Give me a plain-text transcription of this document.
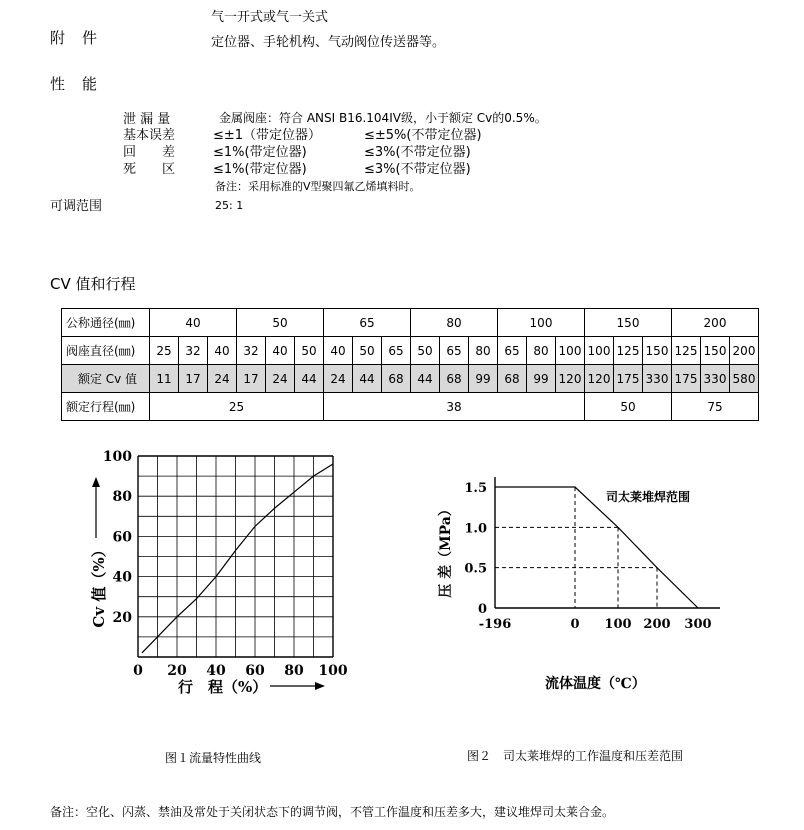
气一开式或气一关式
附　件	定位器、手轮机构、气动阀位传送器等。
性　能
泄 漏 量	金属阀座：符合 ANSI B16.104IV级，小于额定 Cv的0.5%。
基本误差	≤±1（带定位器）	≤±5%(不带定位器)
回　　差	≤1%(带定位器)	≤3%(不带定位器)
死　　区	≤1%(带定位器)	≤3%(不带定位器)
备注：采用标准的V型聚四氟乙烯填料时。
可调范围	25: 1
CV 值和行程
公称通径(㎜)	40			50			65			80			100			150			200		
阀座直径(㎜)	25	32	40	32	40	50	40	50	65	50	65	80	65	80	100	100	125	150	125	150	200
额定 Cv 值	11	17	24	17	24	44	24	44	68	44	68	99	68	99	120	120	175	330	175	330	580
额定行程(㎜)	25						38									50			75		
0 20 40 60 80 100
20
40
60
80
100
Cv 值（%）
行　程（%）
-196	0 100 200 300
0
0.5
1.0
1.5
司太莱堆焊范围
压 差（MPa）
流体温度（℃）
图１流量特性曲线	图２　司太莱堆焊的工作温度和压差范围
备注：空化、闪蒸、禁油及常处于关闭状态下的调节阀，不管工作温度和压差多大，建议堆焊司太莱合金。
